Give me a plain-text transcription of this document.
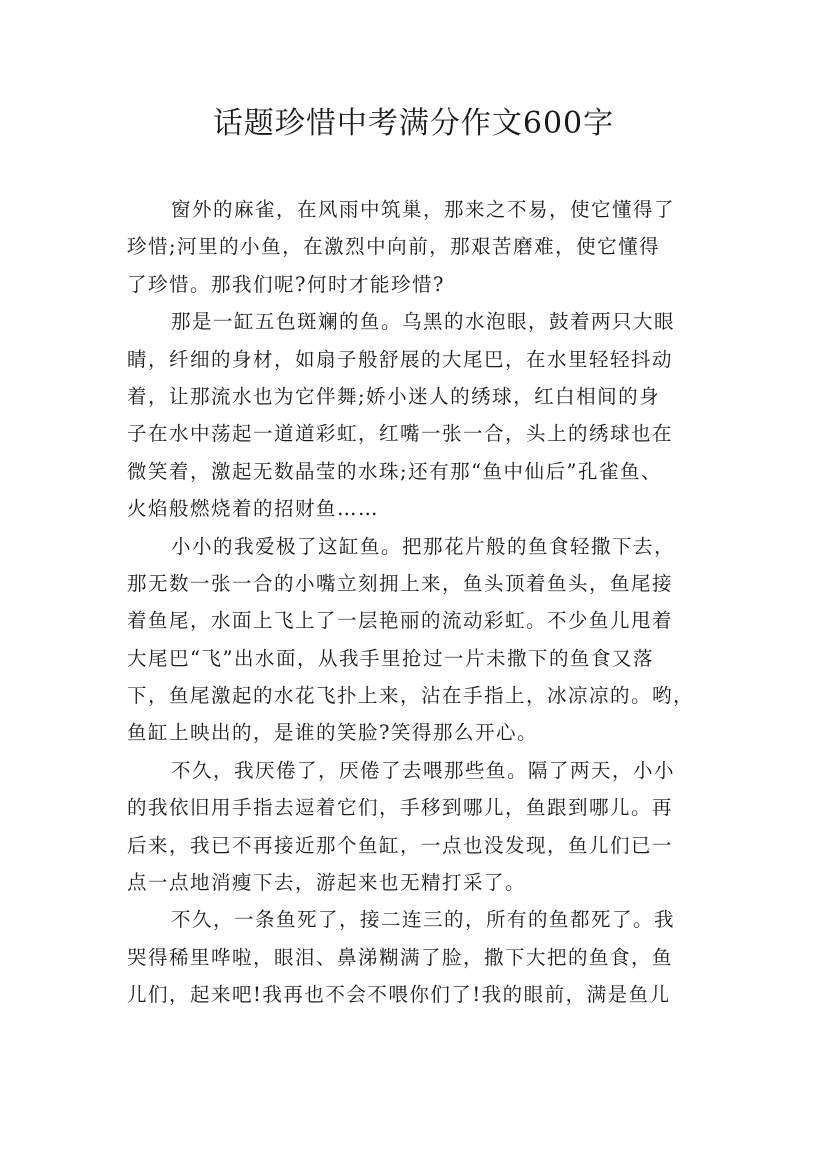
话题珍惜中考满分作文600字
窗外的麻雀，在风雨中筑巢，那来之不易，使它懂得了
珍惜;河里的小鱼，在激烈中向前，那艰苦磨难，使它懂得
了珍惜。那我们呢?何时才能珍惜?
那是一缸五色斑斓的鱼。乌黑的水泡眼，鼓着两只大眼
睛，纤细的身材，如扇子般舒展的大尾巴，在水里轻轻抖动
着，让那流水也为它伴舞;娇小迷人的绣球，红白相间的身
子在水中荡起一道道彩虹，红嘴一张一合，头上的绣球也在
微笑着，激起无数晶莹的水珠;还有那“鱼中仙后”孔雀鱼、
火焰般燃烧着的招财鱼……
小小的我爱极了这缸鱼。把那花片般的鱼食轻撒下去，
那无数一张一合的小嘴立刻拥上来，鱼头顶着鱼头，鱼尾接
着鱼尾，水面上飞上了一层艳丽的流动彩虹。不少鱼儿甩着
大尾巴“飞”出水面，从我手里抢过一片未撒下的鱼食又落
下，鱼尾激起的水花飞扑上来，沾在手指上，冰凉凉的。哟，
鱼缸上映出的，是谁的笑脸?笑得那么开心。
不久，我厌倦了，厌倦了去喂那些鱼。隔了两天，小小
的我依旧用手指去逗着它们，手移到哪儿，鱼跟到哪儿。再
后来，我已不再接近那个鱼缸，一点也没发现，鱼儿们已一
点一点地消瘦下去，游起来也无精打采了。
不久，一条鱼死了，接二连三的，所有的鱼都死了。我
哭得稀里哗啦，眼泪、鼻涕糊满了脸，撒下大把的鱼食，鱼
儿们，起来吧!我再也不会不喂你们了!我的眼前，满是鱼儿
